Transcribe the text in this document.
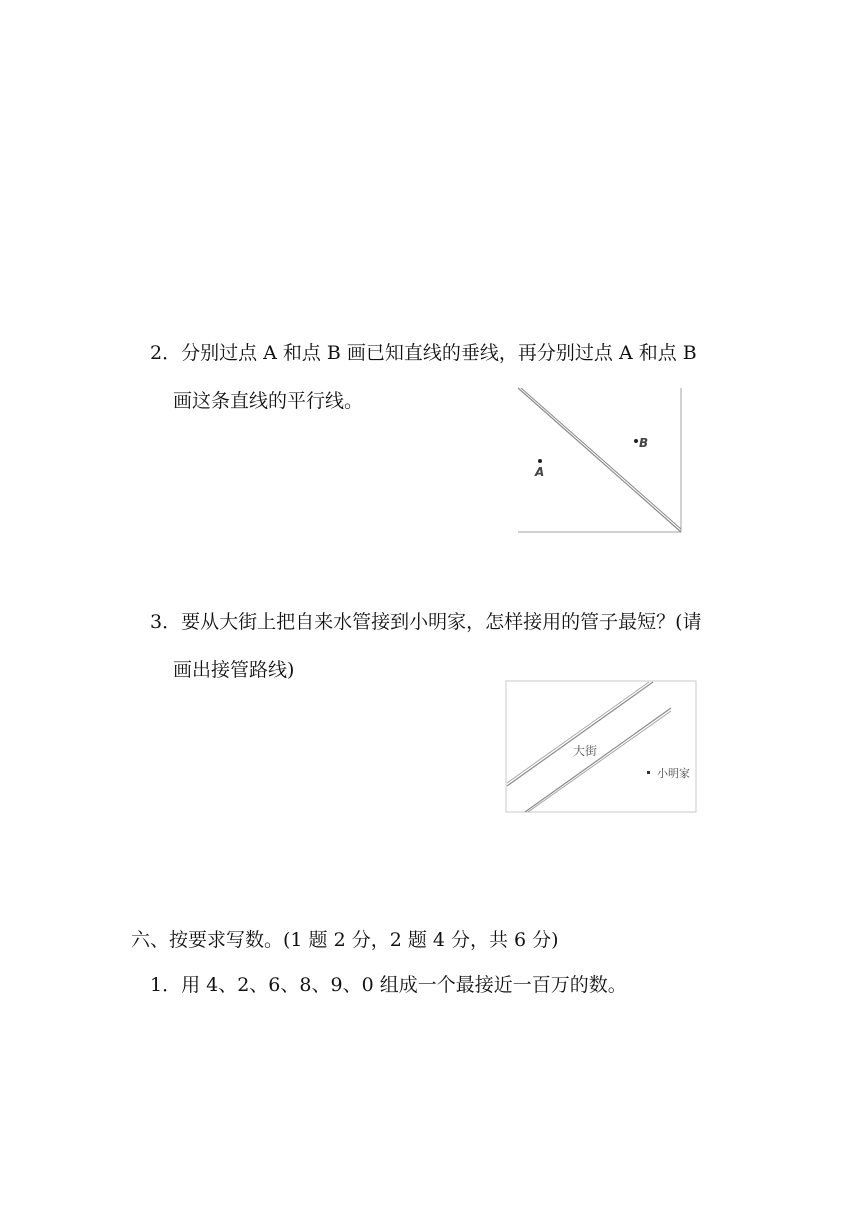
2．分别过点 A 和点 B 画已知直线的垂线，再分别过点 A 和点 B
画这条直线的平行线。
A
B
3．要从大街上把自来水管接到小明家，怎样接用的管子最短？(请
画出接管路线)
大街
小明家
六、按要求写数。(1 题 2 分，2 题 4 分，共 6 分)
1．用 4、2、6、8、9、0 组成一个最接近一百万的数。
